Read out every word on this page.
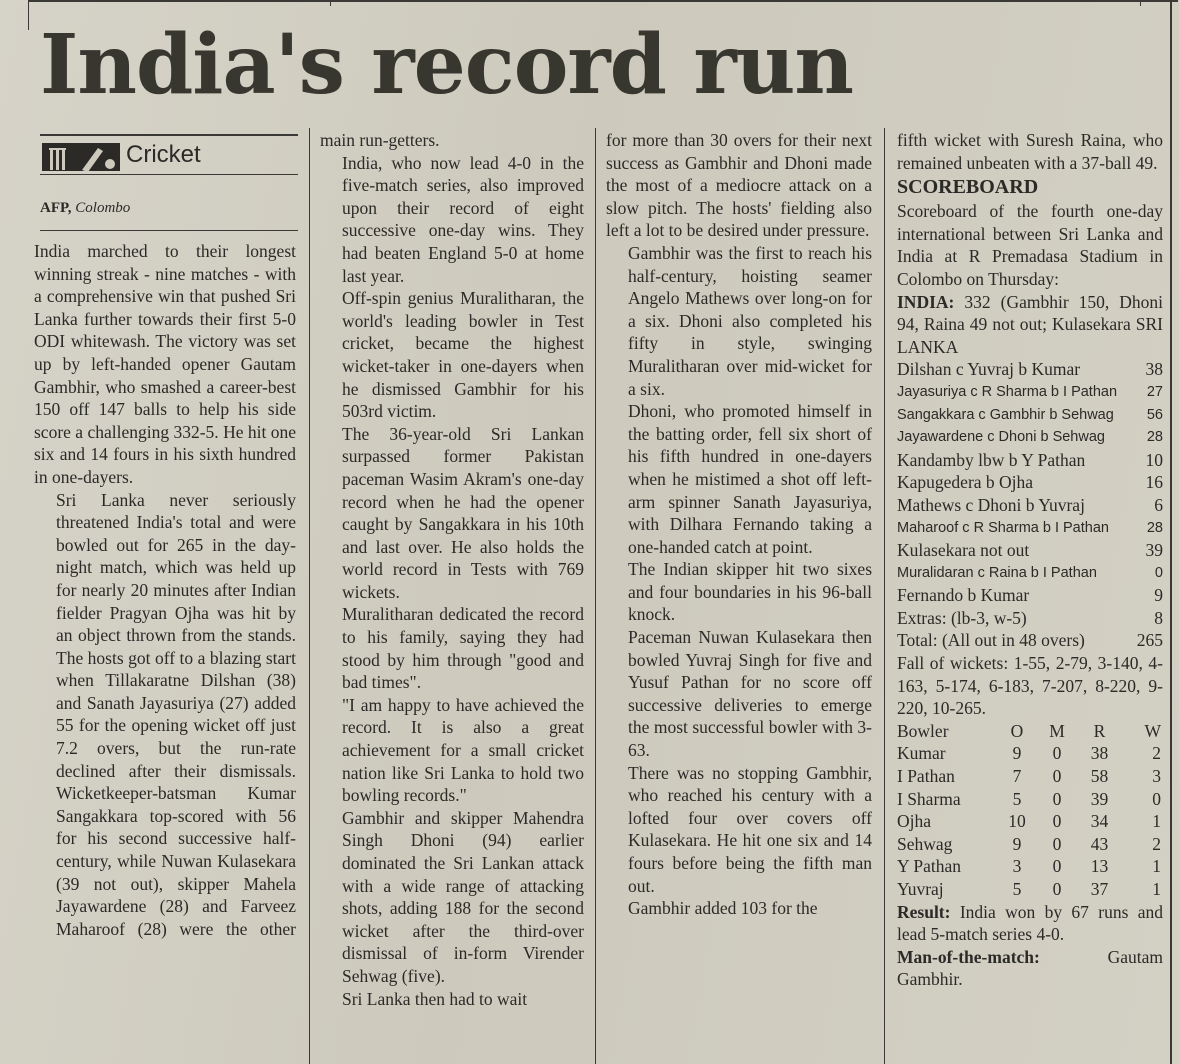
India's record run
Cricket
AFP, Colombo

India marched to their longest winning streak - nine matches - with a comprehensive win that pushed Sri Lanka further towards their first 5-0 ODI whitewash. The victory was set up by left-handed opener Gautam Gambhir, who smashed a career-best 150 off 147 balls to help his side score a challenging 332-5. He hit one six and 14 fours in his sixth hundred in one-dayers.

Sri Lanka never seriously threatened India's total and were bowled out for 265 in the day-night match, which was held up for nearly 20 minutes after Indian fielder Pragyan Ojha was hit by an object thrown from the stands.

The hosts got off to a blazing start when Tillakaratne Dilshan (38) and Sanath Jayasuriya (27) added 55 for the opening wicket off just 7.2 overs, but the run-rate declined after their dismissals.

Wicketkeeper-batsman Kumar Sangakkara top-scored with 56 for his second successive half-century, while Nuwan Kulasekara (39 not out), skipper Mahela Jayawardene (28) and Farveez Maharoof (28) were the other

main run-getters.

India, who now lead 4-0 in the five-match series, also improved upon their record of eight successive one-day wins. They had beaten England 5-0 at home last year.

Off-spin genius Muralitharan, the world's leading bowler in Test cricket, became the highest wicket-taker in one-dayers when he dismissed Gambhir for his 503rd victim.

The 36-year-old Sri Lankan surpassed former Pakistan paceman Wasim Akram's one-day record when he had the opener caught by Sangakkara in his 10th and last over. He also holds the world record in Tests with 769 wickets.

Muralitharan dedicated the record to his family, saying they had stood by him through "good and bad times".

"I am happy to have achieved the record. It is also a great achievement for a small cricket nation like Sri Lanka to hold two bowling records."

Gambhir and skipper Mahendra Singh Dhoni (94) earlier dominated the Sri Lankan attack with a wide range of attacking shots, adding 188 for the second wicket after the third-over dismissal of in-form Virender Sehwag (five).

Sri Lanka then had to wait

for more than 30 overs for their next success as Gambhir and Dhoni made the most of a mediocre attack on a slow pitch. The hosts' fielding also left a lot to be desired under pressure.

Gambhir was the first to reach his half-century, hoisting seamer Angelo Mathews over long-on for a six. Dhoni also completed his fifty in style, swinging Muralitharan over mid-wicket for a six.

Dhoni, who promoted himself in the batting order, fell six short of his fifth hundred in one-dayers when he mistimed a shot off left-arm spinner Sanath Jayasuriya, with Dilhara Fernando taking a one-handed catch at point.

The Indian skipper hit two sixes and four boundaries in his 96-ball knock.

Paceman Nuwan Kulasekara then bowled Yuvraj Singh for five and Yusuf Pathan for no score off successive deliveries to emerge the most successful bowler with 3-63.

There was no stopping Gambhir, who reached his century with a lofted four over covers off Kulasekara. He hit one six and 14 fours before being the fifth man out.

Gambhir added 103 for the

fifth wicket with Suresh Raina, who remained unbeaten with a 37-ball 49.

SCOREBOARD

Scoreboard of the fourth one-day international between Sri Lanka and India at R Premadasa Stadium in Colombo on Thursday:

INDIA: 332 (Gambhir 150, Dhoni 94, Raina 49 not out; Kulasekara SRI LANKA

Dilshan c Yuvraj b Kumar	38
Jayasuriya c R Sharma b I Pathan 27
Sangakkara c Gambhir b Sehwag 56
Jayawardene c Dhoni b Sehwag	28
Kandamby lbw b Y Pathan	10
Kapugedera b Ojha	16
Mathews c Dhoni b Yuvraj	6
Maharoof c R Sharma b I Pathan	28
Kulasekara not out	39
Muralidaran c Raina b I Pathan	0
Fernando b Kumar	9
Extras: (lb-3, w-5)	8
Total: (All out in 48 overs)	265

Fall of wickets: 1-55, 2-79, 3-140, 4-163, 5-174, 6-183, 7-207, 8-220, 9-220, 10-265.

Bowler	O	M	R	W
Kumar	9	0	38	2
I Pathan	7	0	58	3
I Sharma	5	0	39	0
Ojha	10	0	34	1
Sehwag	9	0	43	2
Y Pathan	3	0	13	1
Yuvraj	5	0	37	1

Result: India won by 67 runs and lead 5-match series 4-0.

Man-of-the-match:	Gautam Gambhir.
